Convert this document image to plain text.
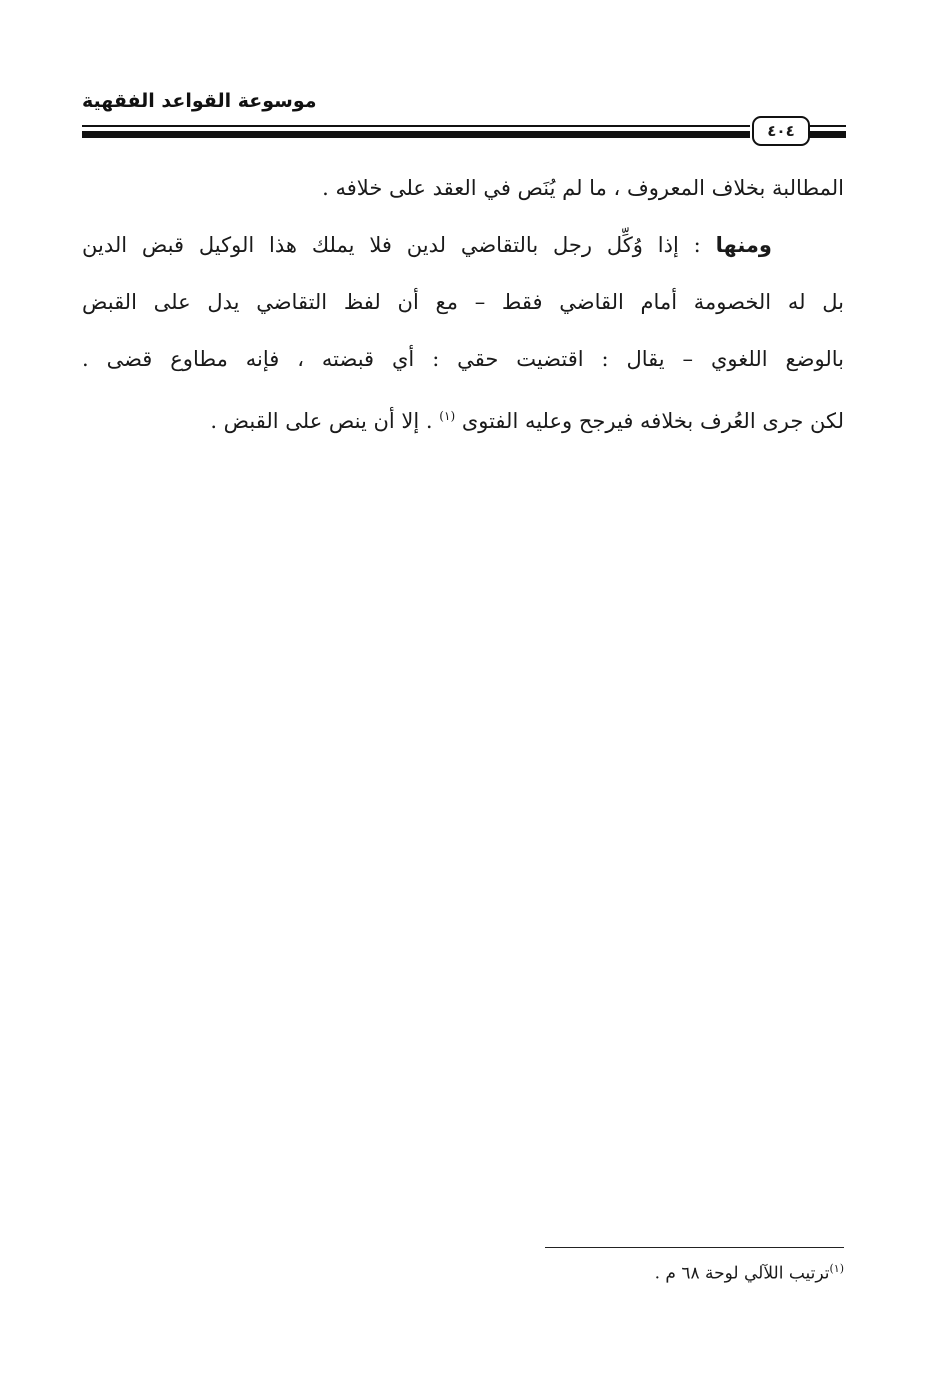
موسوعة القواعد الفقهية
٤٠٤
المطالبة بخلاف المعروف ، ما لم يُنَص في العقد على خلافه .
ومنها : إذا وُكِّل رجل بالتقاضي لدين فلا يملك هذا الوكيل قبض الدين
بل له الخصومة أمام القاضي فقط – مع أن لفظ التقاضي يدل على القبض
بالوضع اللغوي – يقال : اقتضيت حقي : أي قبضته ، فإنه مطاوع قضى .
لكن جرى العُرف بخلافه فيرجح وعليه الفتوى $^{(١)}$ . إلا أن ينص على القبض .
$^{(١)}$ترتيب اللآلي لوحة ٦٨ م .
